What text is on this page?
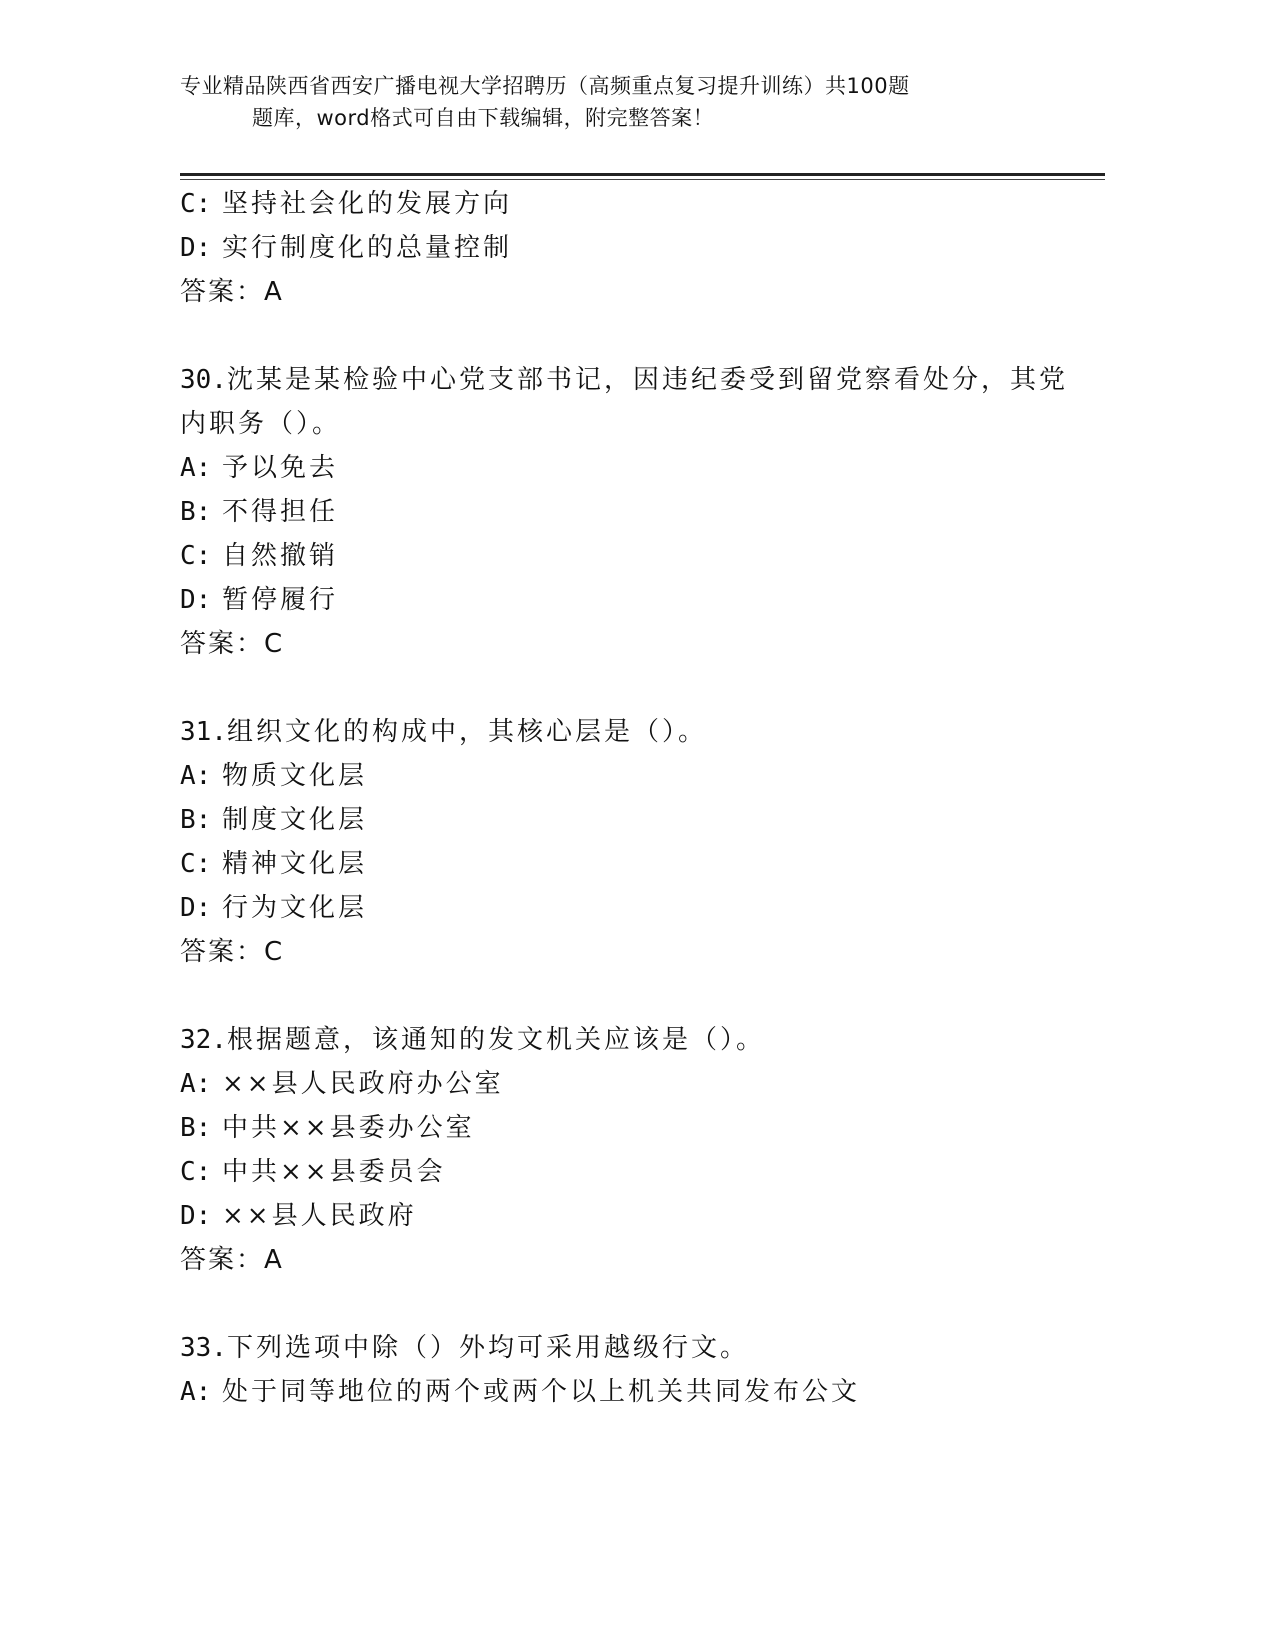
专业精品陕西省西安广播电视大学招聘历（高频重点复习提升训练）共100题
题库，word格式可自由下载编辑，附完整答案！
C: 坚持社会化的发展方向
D: 实行制度化的总量控制
答案：A
30.沈某是某检验中心党支部书记，因违纪委受到留党察看处分，其党
内职务（）。
A: 予以免去
B: 不得担任
C: 自然撤销
D: 暂停履行
答案：C
31.组织文化的构成中，其核心层是（）。
A: 物质文化层
B: 制度文化层
C: 精神文化层
D: 行为文化层
答案：C
32.根据题意，该通知的发文机关应该是（）。
A: ××县人民政府办公室
B: 中共××县委办公室
C: 中共××县委员会
D: ××县人民政府
答案：A
33.下列选项中除（）外均可采用越级行文。
A: 处于同等地位的两个或两个以上机关共同发布公文
